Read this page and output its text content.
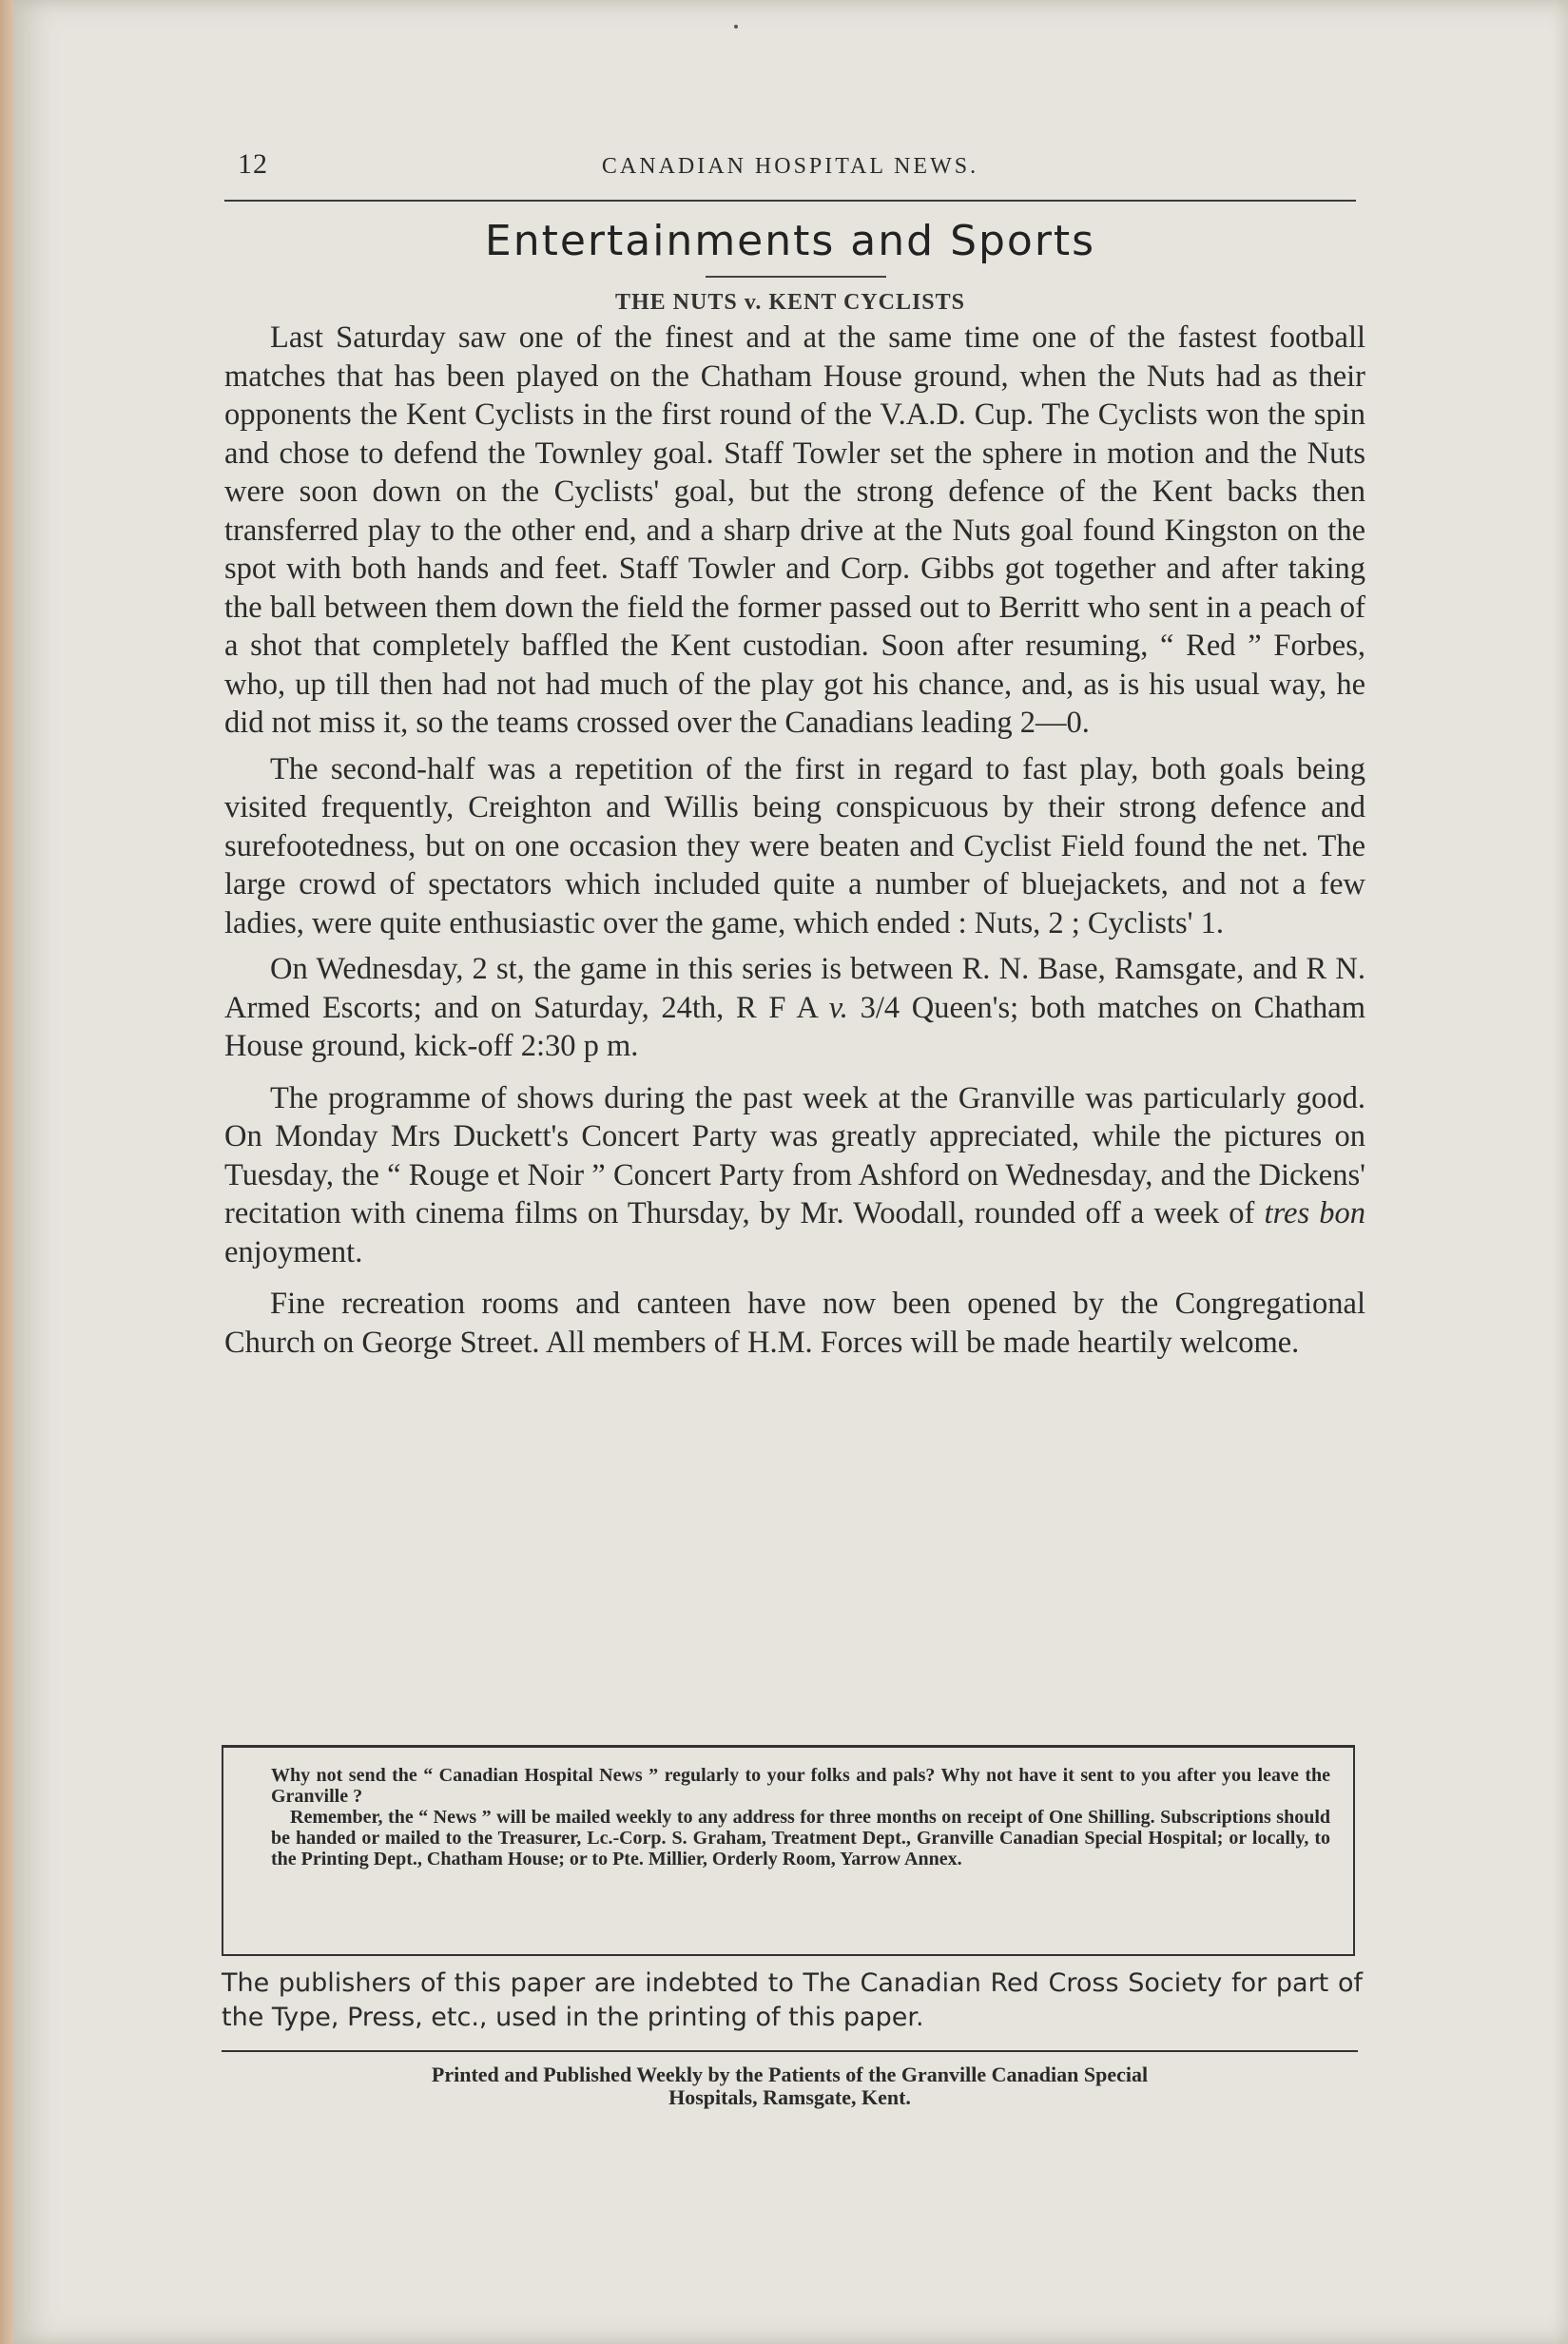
12	CANADIAN HOSPITAL NEWS.
Entertainments and Sports
THE NUTS v. KENT CYCLISTS

Last Saturday saw one of the finest and at the same time one of the fastest football matches that has been played on the Chatham House ground, when the Nuts had as their opponents the Kent Cyclists in the first round of the V.A.D. Cup. The Cyclists won the spin and chose to defend the Townley goal. Staff Towler set the sphere in motion and the Nuts were soon down on the Cyclists' goal, but the strong defence of the Kent backs then transferred play to the other end, and a sharp drive at the Nuts goal found Kingston on the spot with both hands and feet. Staff Towler and Corp. Gibbs got together and after taking the ball between them down the field the former passed out to Berritt who sent in a peach of a shot that completely baffled the Kent custodian. Soon after resuming, “ Red ” Forbes, who, up till then had not had much of the play got his chance, and, as is his usual way, he did not miss it, so the teams crossed over the Canadians leading 2—0.

The second-half was a repetition of the first in regard to fast play, both goals being visited frequently, Creighton and Willis being conspicuous by their strong defence and surefootedness, but on one occasion they were beaten and Cyclist Field found the net. The large crowd of spectators which included quite a number of bluejackets, and not a few ladies, were quite enthusiastic over the game, which ended : Nuts, 2 ; Cyclists' 1.

On Wednesday, 2 st, the game in this series is between R. N. Base, Ramsgate, and R N. Armed Escorts; and on Saturday, 24th, R F A v. 3/4 Queen's; both matches on Chatham House ground, kick-off 2:30 p m.

The programme of shows during the past week at the Granville was particularly good. On Monday Mrs Duckett's Concert Party was greatly appreciated, while the pictures on Tuesday, the “ Rouge et Noir ” Concert Party from Ashford on Wednesday, and the Dickens' recitation with cinema films on Thursday, by Mr. Woodall, rounded off a week of tres bon enjoyment.

Fine recreation rooms and canteen have now been opened by the Congregational Church on George Street. All members of H.M. Forces will be made heartily welcome.

Why not send the “ Canadian Hospital News ” regularly to your folks and pals? Why not have it sent to you after you leave the Granville ?

Remember, the “ News ” will be mailed weekly to any address for three months on receipt of One Shilling. Subscriptions should be handed or mailed to the Treasurer, Lc.-Corp. S. Graham, Treatment Dept., Granville Canadian Special Hospital; or locally, to the Printing Dept., Chatham House; or to Pte. Millier, Orderly Room, Yarrow Annex.

The publishers of this paper are indebted to The Canadian Red Cross Society for part of the Type, Press, etc., used in the printing of this paper.
Printed and Published Weekly by the Patients of the Granville Canadian Special
Hospitals, Ramsgate, Kent.
